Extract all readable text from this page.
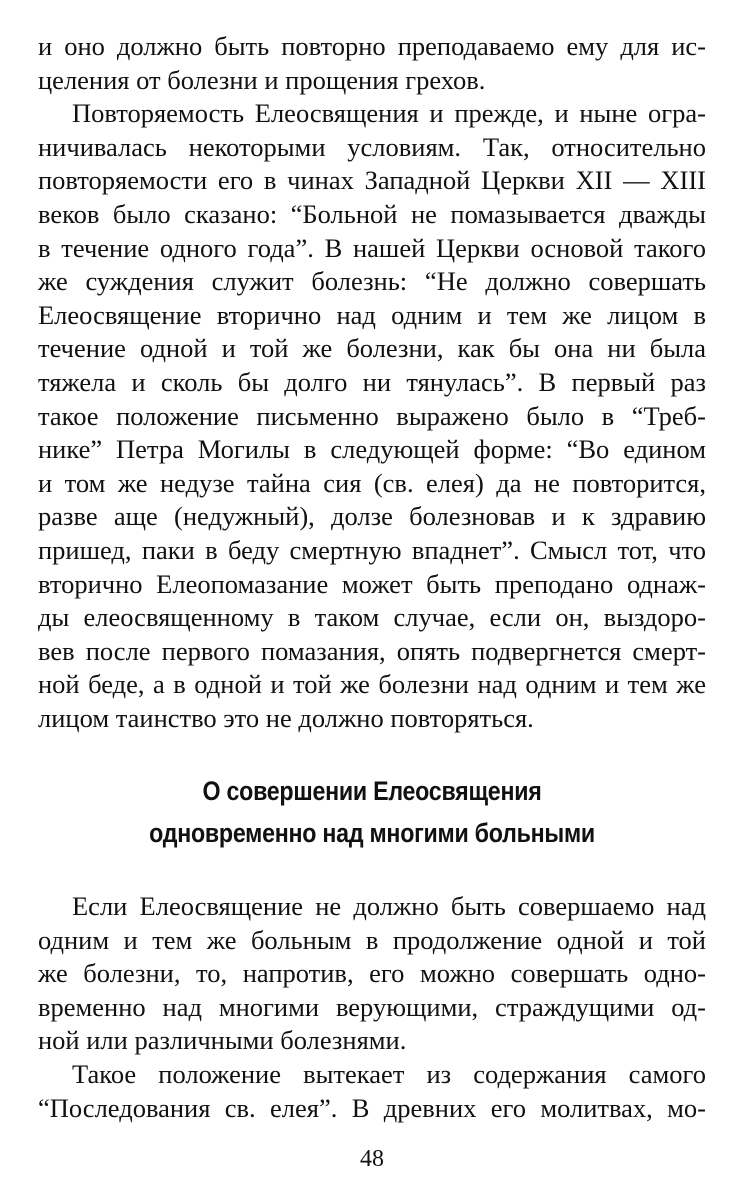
и оно должно быть повторно преподаваемо ему для ис-
целения от болезни и прощения грехов.
Повторяемость Елеосвящения и прежде, и ныне огра-
ничивалась некоторыми условиям. Так, относительно
повторяемости его в чинах Западной Церкви XII — XIII
веков было сказано: “Больной не помазывается дважды
в течение одного года”. В нашей Церкви основой такого
же суждения служит болезнь: “Не должно совершать
Елеосвящение вторично над одним и тем же лицом в
течение одной и той же болезни, как бы она ни была
тяжела и сколь бы долго ни тянулась”. В первый раз
такое положение письменно выражено было в “Треб-
нике” Петра Могилы в следующей форме: “Во едином
и том же недузе тайна сия (св. елея) да не повторится,
разве аще (недужный), долзе болезновав и к здравию
пришед, паки в беду смертную впаднет”. Смысл тот, что
вторично Елеопомазание может быть преподано однаж-
ды елеосвященному в таком случае, если он, выздоро-
вев после первого помазания, опять подвергнется смерт-
ной беде, а в одной и той же болезни над одним и тем же
лицом таинство это не должно повторяться.
О совершении Елеосвящения
одновременно над многими больными
Если Елеосвящение не должно быть совершаемо над
одним и тем же больным в продолжение одной и той
же болезни, то, напротив, его можно совершать одно-
временно над многими верующими, страждущими од-
ной или различными болезнями.
Такое положение вытекает из содержания самого
“Последования св. елея”. В древних его молитвах, мо-
48
